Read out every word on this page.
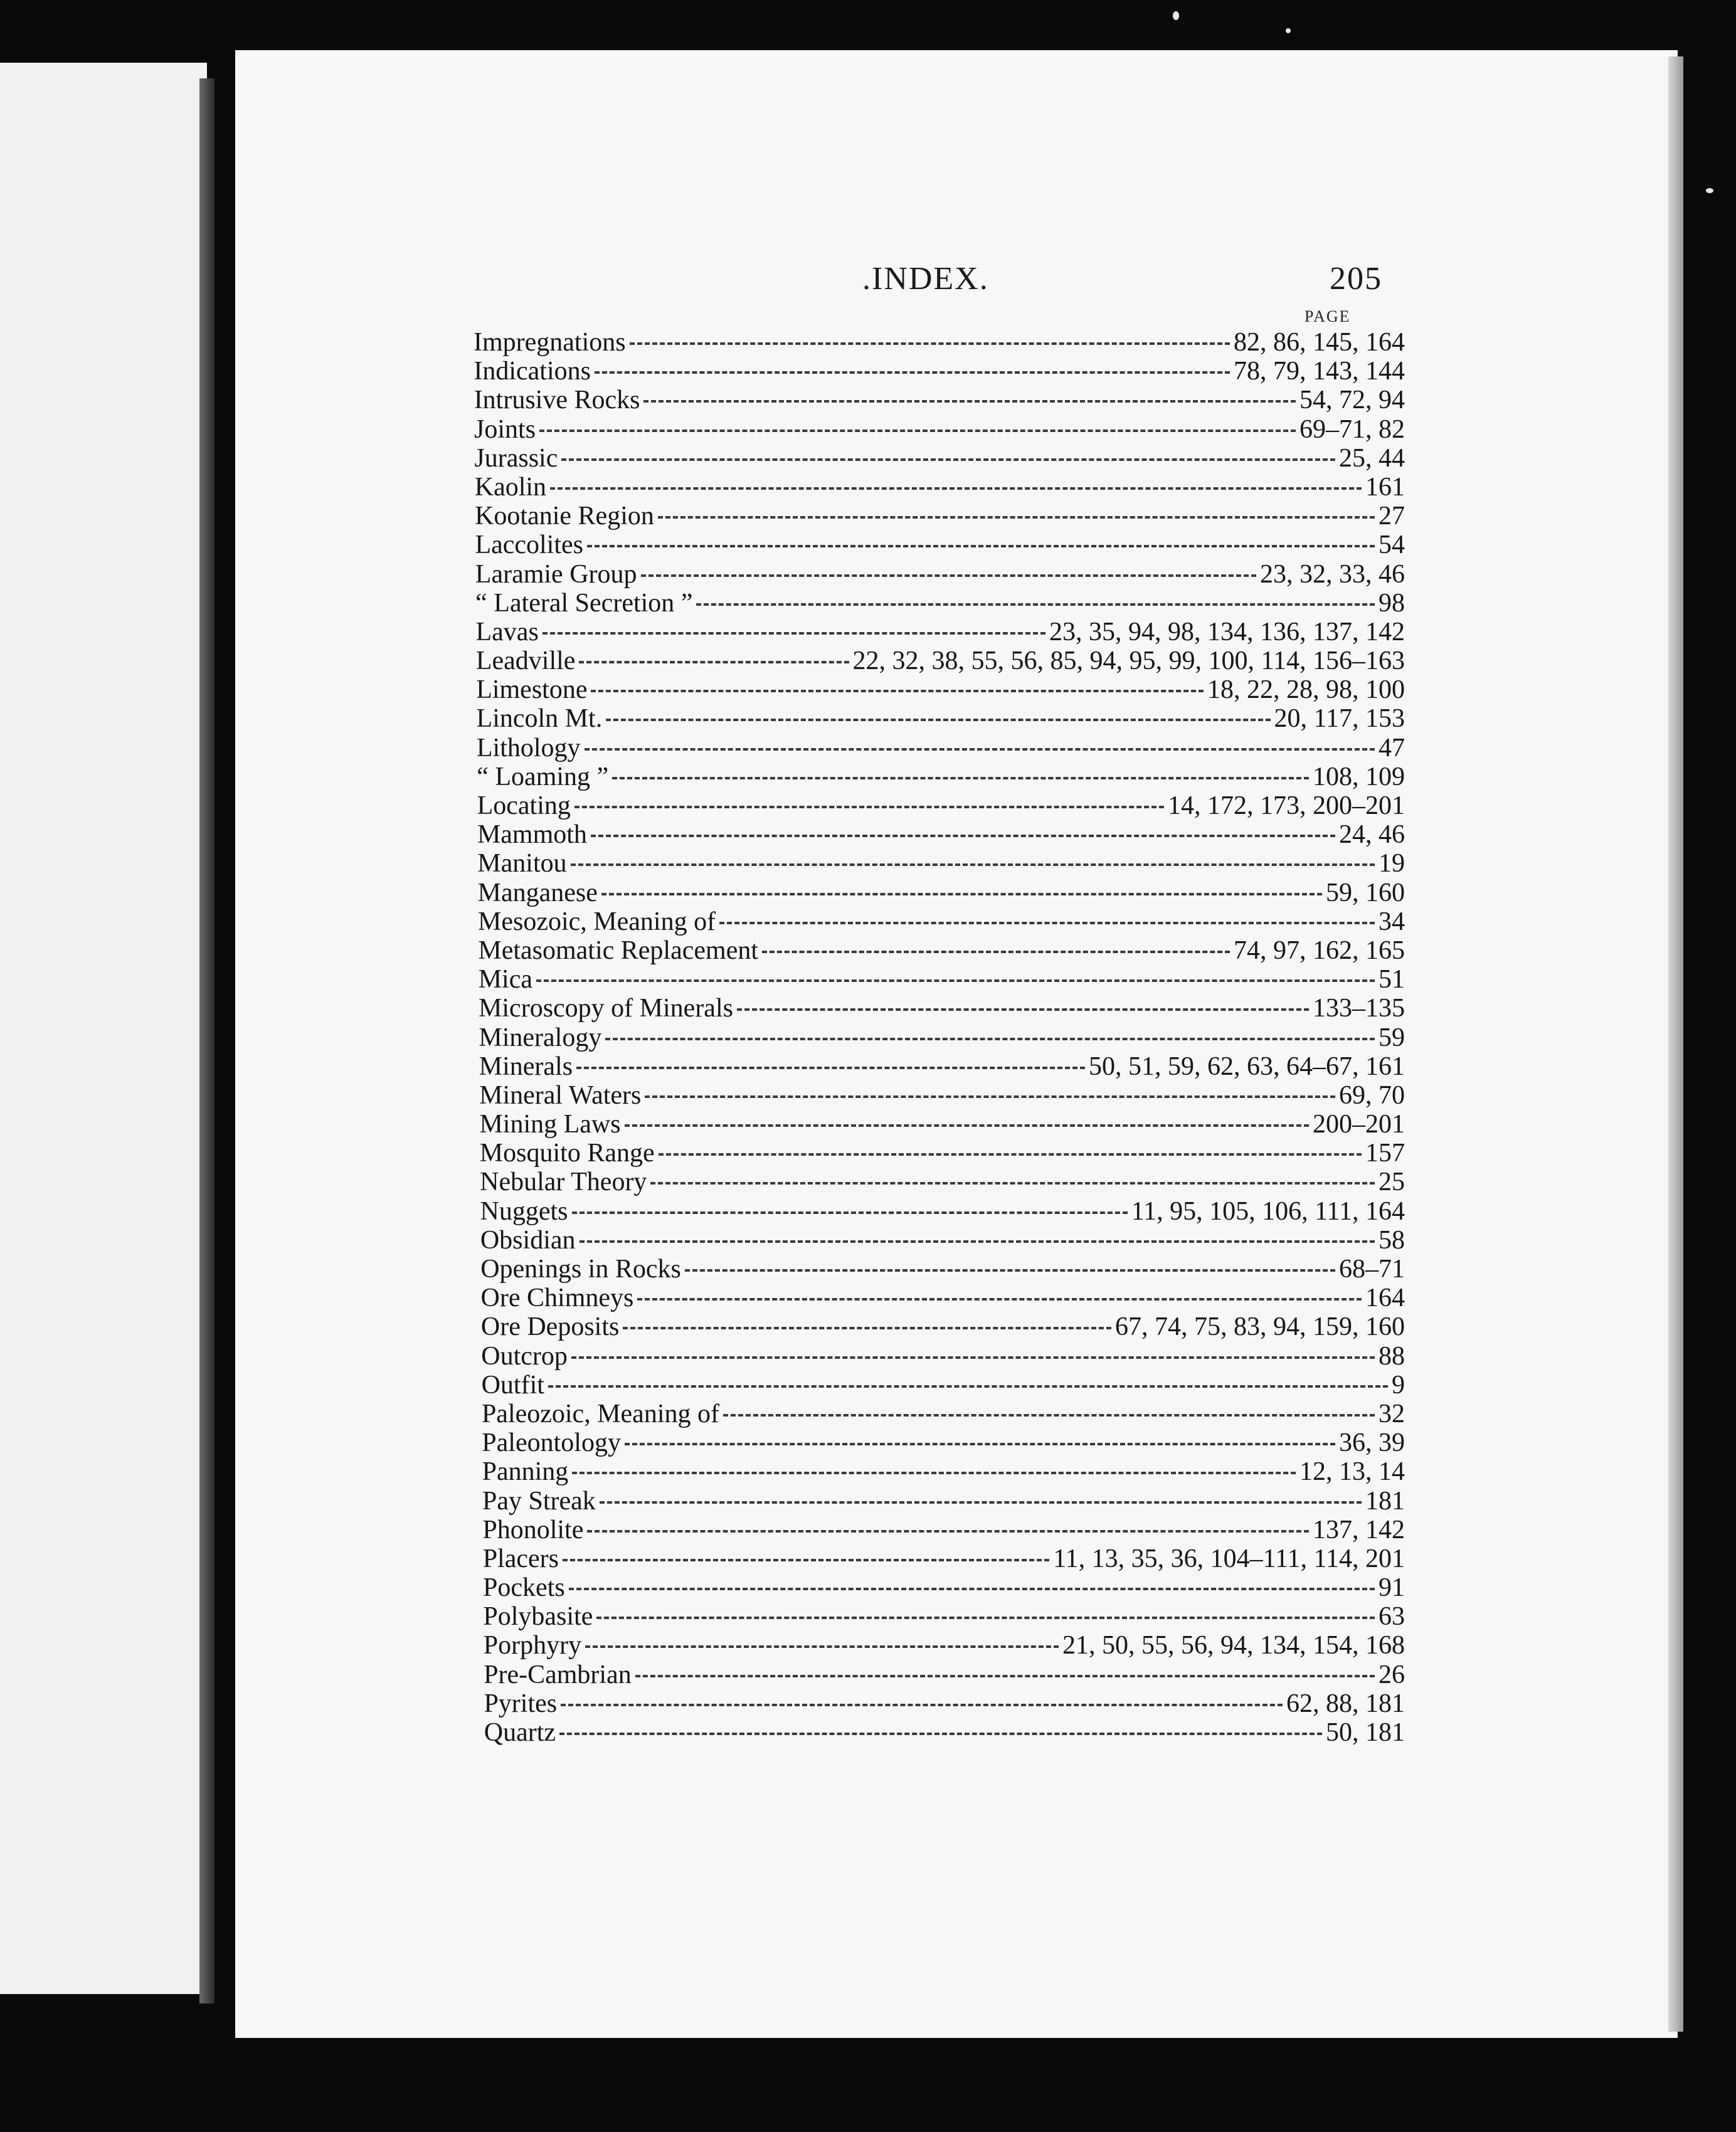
.INDEX.	205
PAGE
Impregnations	82, 86, 145, 164
Indications	78, 79, 143, 144
Intrusive Rocks	54, 72, 94
Joints	69–71, 82
Jurassic	25, 44
Kaolin	161
Kootanie Region	27
Laccolites	54
Laramie Group	23, 32, 33, 46
“ Lateral Secretion ”	98
Lavas	23, 35, 94, 98, 134, 136, 137, 142
Leadville	22, 32, 38, 55, 56, 85, 94, 95, 99, 100, 114, 156–163
Limestone	18, 22, 28, 98, 100
Lincoln Mt.	20, 117, 153
Lithology	47
“ Loaming ”	108, 109
Locating	14, 172, 173, 200–201
Mammoth	24, 46
Manitou	19
Manganese	59, 160
Mesozoic, Meaning of	34
Metasomatic Replacement	74, 97, 162, 165
Mica	51
Microscopy of Minerals	133–135
Mineralogy	59
Minerals	50, 51, 59, 62, 63, 64–67, 161
Mineral Waters	69, 70
Mining Laws	200–201
Mosquito Range	157
Nebular Theory	25
Nuggets	11, 95, 105, 106, 111, 164
Obsidian	58
Openings in Rocks	68–71
Ore Chimneys	164
Ore Deposits	67, 74, 75, 83, 94, 159, 160
Outcrop	88
Outfit	9
Paleozoic, Meaning of	32
Paleontology	36, 39
Panning	12, 13, 14
Pay Streak	181
Phonolite	137, 142
Placers	11, 13, 35, 36, 104–111, 114, 201
Pockets	91
Polybasite	63
Porphyry	21, 50, 55, 56, 94, 134, 154, 168
Pre-Cambrian	26
Pyrites	62, 88, 181
Quartz	50, 181
